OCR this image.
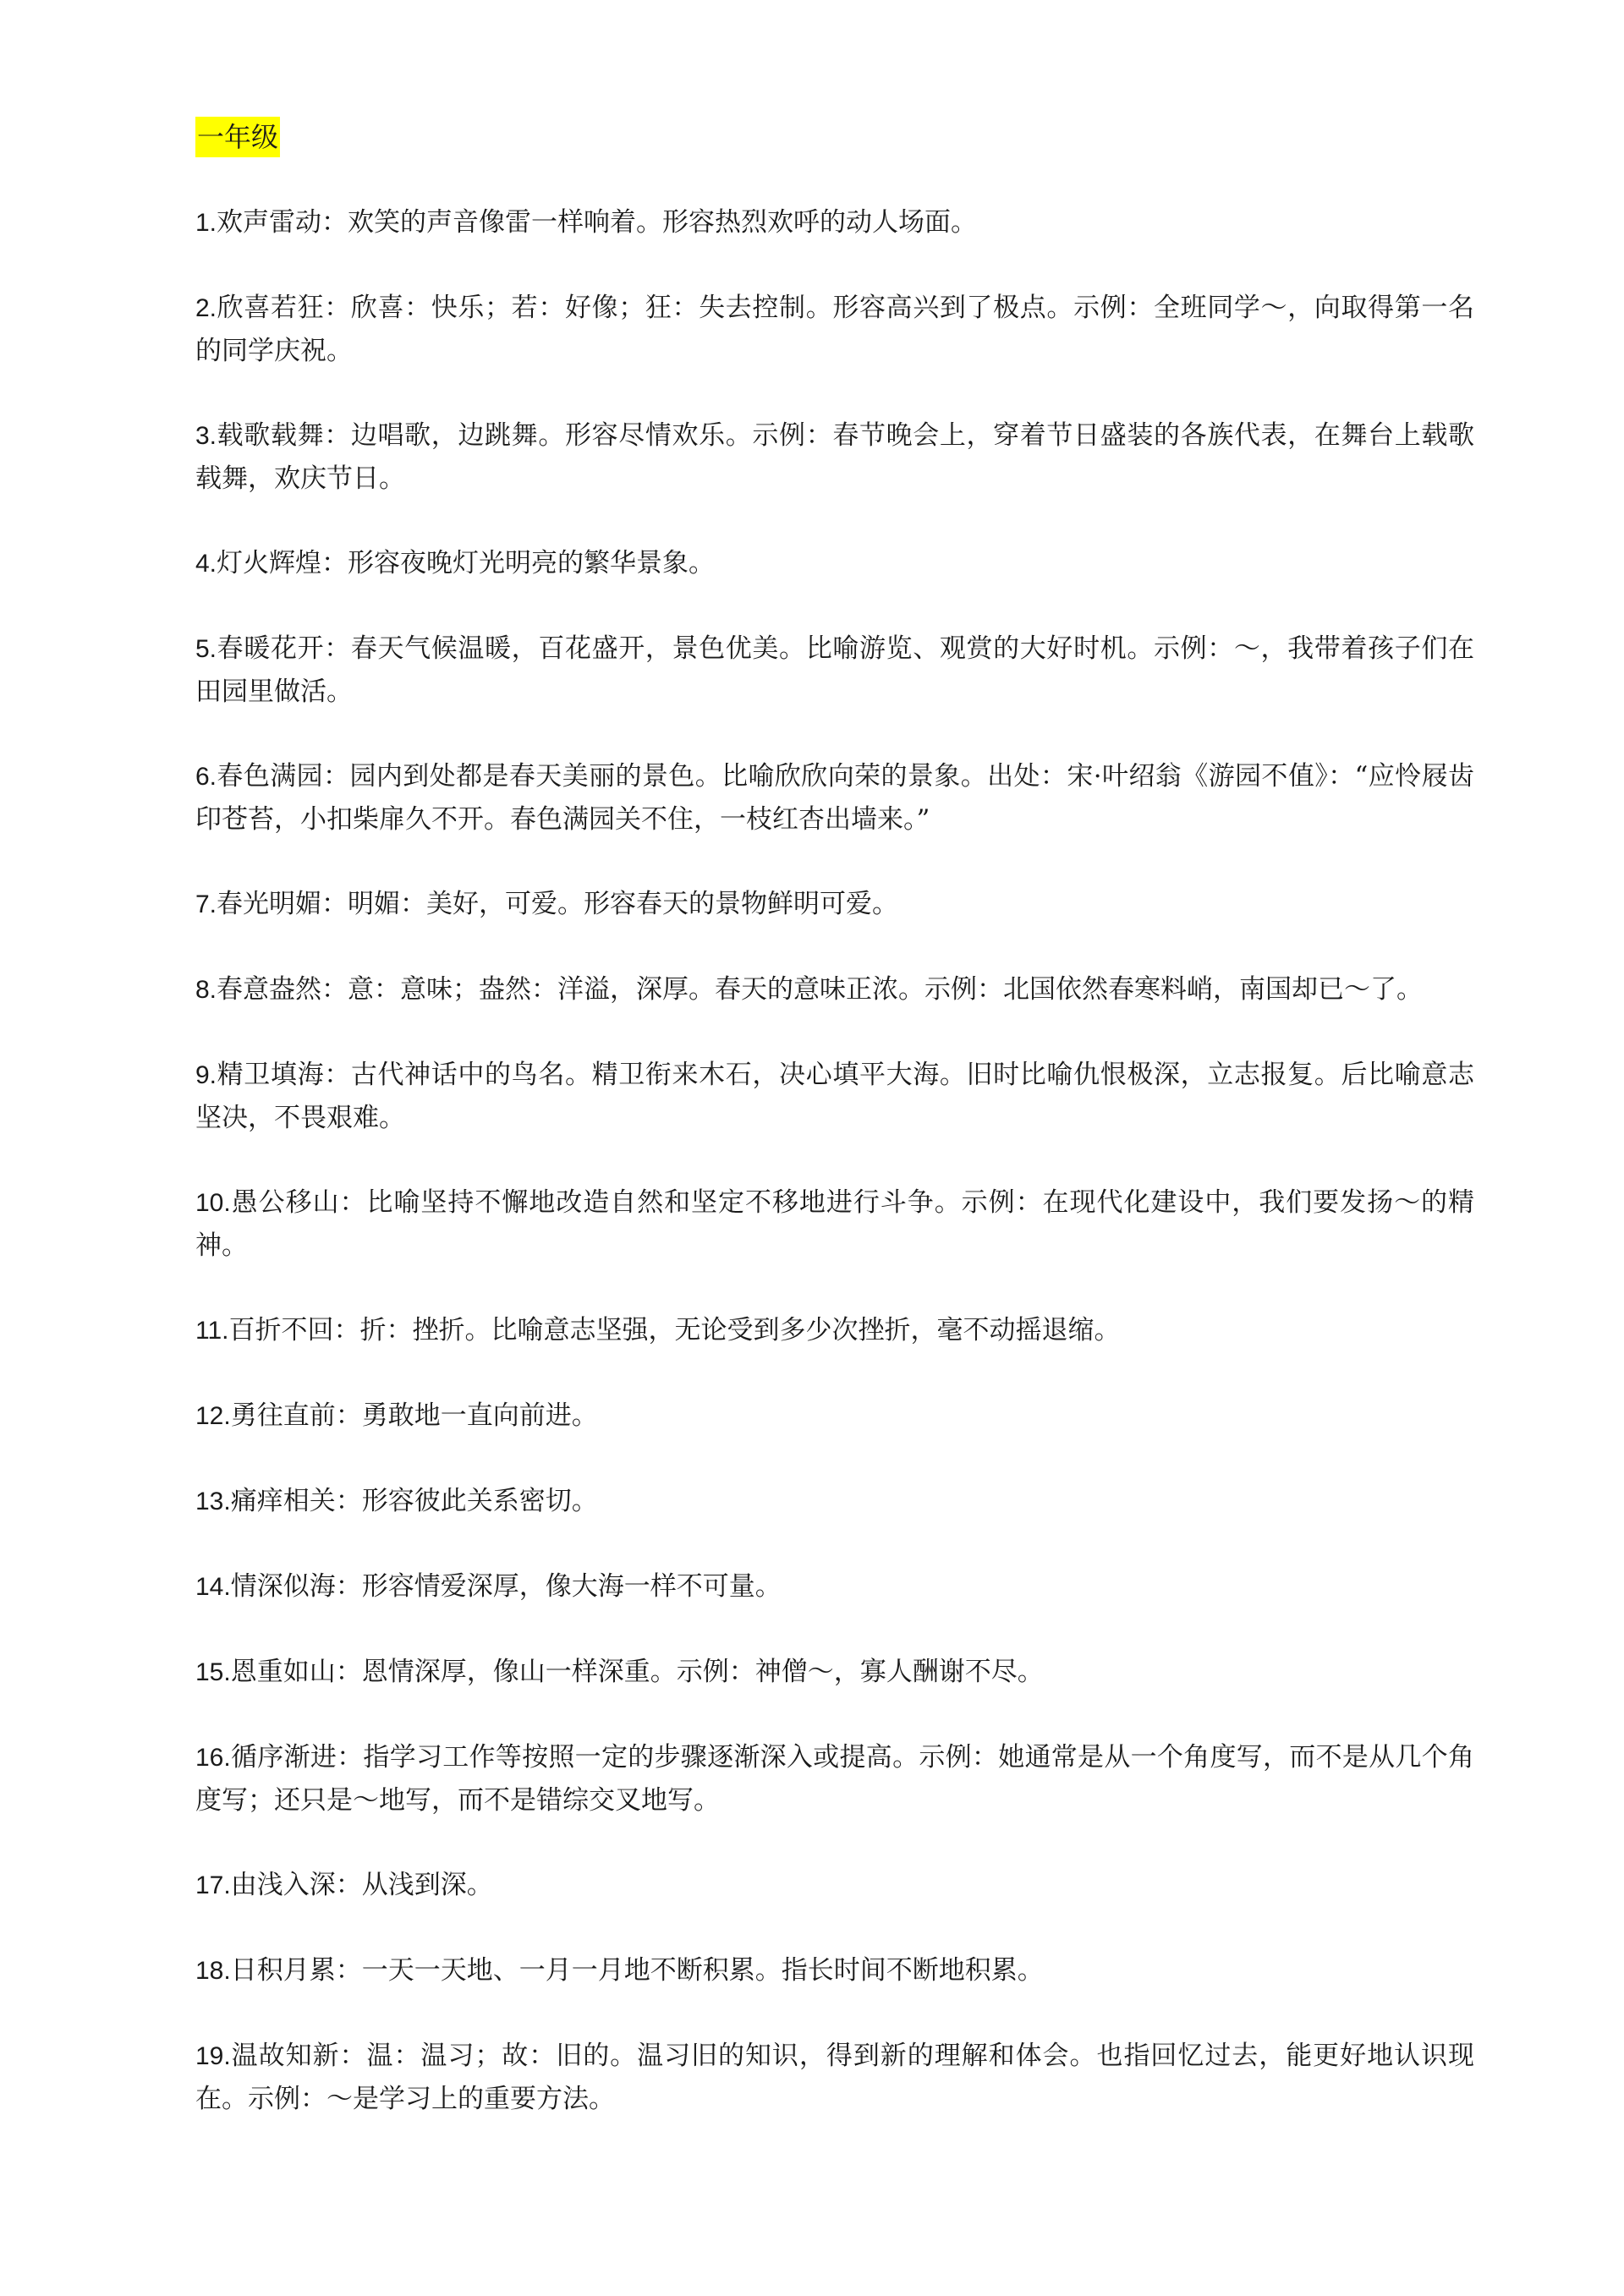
一年级
1.欢声雷动：欢笑的声音像雷一样响着。形容热烈欢呼的动人场面。
2.欣喜若狂：欣喜：快乐；若：好像；狂：失去控制。形容高兴到了极点。示例：全班同学～，向取得第一名的同学庆祝。
3.载歌载舞：边唱歌，边跳舞。形容尽情欢乐。示例：春节晚会上，穿着节日盛装的各族代表，在舞台上载歌载舞，欢庆节日。
4.灯火辉煌：形容夜晚灯光明亮的繁华景象。
5.春暖花开：春天气候温暖，百花盛开，景色优美。比喻游览、观赏的大好时机。示例：～，我带着孩子们在田园里做活。
6.春色满园：园内到处都是春天美丽的景色。比喻欣欣向荣的景象。出处：宋·叶绍翁《游园不值》：“应怜屐齿印苍苔，小扣柴扉久不开。春色满园关不住，一枝红杏出墙来。”
7.春光明媚：明媚：美好，可爱。形容春天的景物鲜明可爱。
8.春意盎然：意：意味；盎然：洋溢，深厚。春天的意味正浓。示例：北国依然春寒料峭，南国却已～了。
9.精卫填海：古代神话中的鸟名。精卫衔来木石，决心填平大海。旧时比喻仇恨极深，立志报复。后比喻意志坚决，不畏艰难。
10.愚公移山：比喻坚持不懈地改造自然和坚定不移地进行斗争。示例：在现代化建设中，我们要发扬～的精神。
11.百折不回：折：挫折。比喻意志坚强，无论受到多少次挫折，毫不动摇退缩。
12.勇往直前：勇敢地一直向前进。
13.痛痒相关：形容彼此关系密切。
14.情深似海：形容情爱深厚，像大海一样不可量。
15.恩重如山：恩情深厚，像山一样深重。示例：神僧～，寡人酬谢不尽。
16.循序渐进：指学习工作等按照一定的步骤逐渐深入或提高。示例：她通常是从一个角度写，而不是从几个角度写；还只是～地写，而不是错综交叉地写。
17.由浅入深：从浅到深。
18.日积月累：一天一天地、一月一月地不断积累。指长时间不断地积累。
19.温故知新：温：温习；故：旧的。温习旧的知识，得到新的理解和体会。也指回忆过去，能更好地认识现在。示例：～是学习上的重要方法。
